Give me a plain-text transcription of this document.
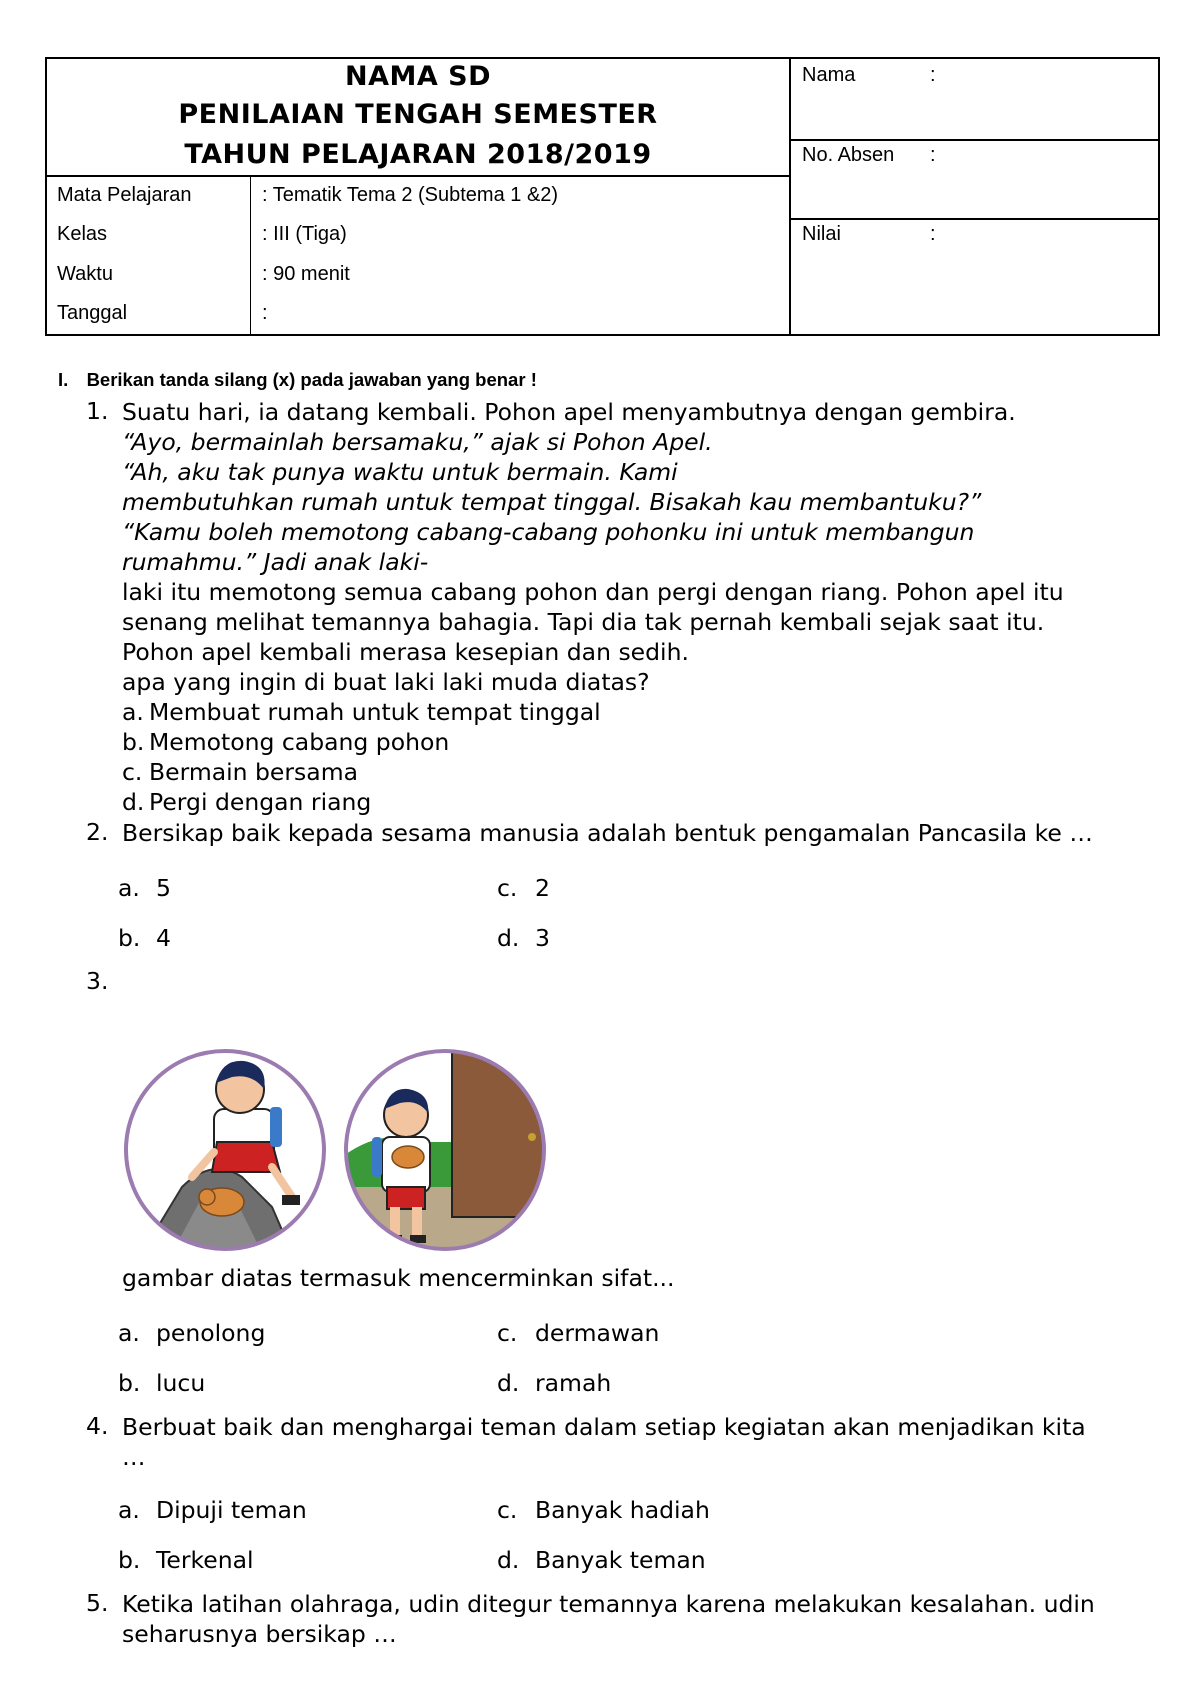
NAMA SD
PENILAIAN TENGAH SEMESTER
TAHUN PELAJARAN 2018/2019
Mata Pelajaran	: Tematik Tema 2 (Subtema 1 &2)
Kelas	: III (Tiga)
Waktu	: 90 menit
Tanggal	:
Nama	:
No. Absen :
Nilai	:
I. Berikan tanda silang (x) pada jawaban yang benar !
1. Suatu hari, ia datang kembali. Pohon apel menyambutnya dengan gembira.
“Ayo, bermainlah bersamaku,” ajak si Pohon Apel.
“Ah, aku tak punya waktu untuk bermain. Kami
membutuhkan rumah untuk tempat tinggal. Bisakah kau membantuku?”
“Kamu boleh memotong cabang-cabang pohonku ini untuk membangun
rumahmu.” Jadi anak laki-
laki itu memotong semua cabang pohon dan pergi dengan riang. Pohon apel itu
senang melihat temannya bahagia. Tapi dia tak pernah kembali sejak saat itu.
Pohon apel kembali merasa kesepian dan sedih.
apa yang ingin di buat laki laki muda diatas?
a. Membuat rumah untuk tempat tinggal
b. Memotong cabang pohon
c. Bermain bersama
d. Pergi dengan riang
2. Bersikap baik kepada sesama manusia adalah bentuk pengamalan Pancasila ke …
a. 5	c. 2
b. 4	d. 3
3.
gambar diatas termasuk mencerminkan sifat...
a. penolong	c. dermawan
b. lucu	d. ramah
4. Berbuat baik dan menghargai teman dalam setiap kegiatan akan menjadikan kita
…
a. Dipuji teman	c. Banyak hadiah
b. Terkenal	d. Banyak teman
5. Ketika latihan olahraga, udin ditegur temannya karena melakukan kesalahan. udin
seharusnya bersikap …
